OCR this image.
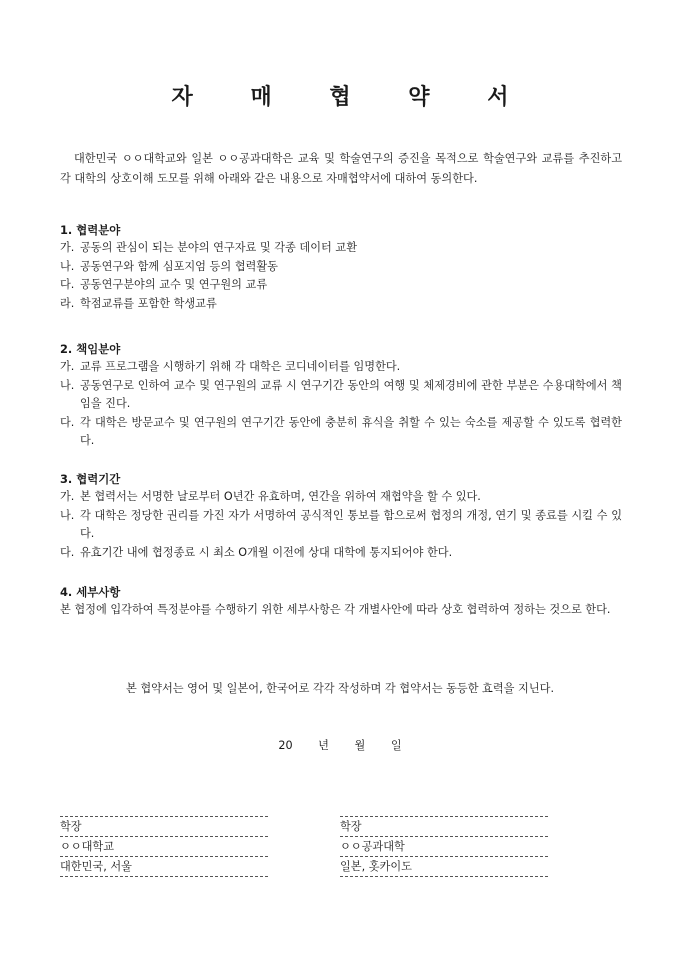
자 매 협 약 서
대한민국 ㅇㅇ대학교와 일본 ㅇㅇ공과대학은 교육 및 학술연구의 증진을 목적으로 학술연구와 교류를 추진하고 각 대학의 상호이해 도모를 위해 아래와 같은 내용으로 자매협약서에 대하여 동의한다.
1. 협력분야
가. 공동의 관심이 되는 분야의 연구자료 및 각종 데이터 교환
나. 공동연구와 함께 심포지엄 등의 협력활동
다. 공동연구분야의 교수 및 연구원의 교류
라. 학점교류를 포함한 학생교류
2. 책임분야
가. 교류 프로그램을 시행하기 위해 각 대학은 코디네이터를 임명한다.
나. 공동연구로 인하여 교수 및 연구원의 교류 시 연구기간 동안의 여행 및 체제경비에 관한 부분은 수용대학에서 책임을 진다.
다. 각 대학은 방문교수 및 연구원의 연구기간 동안에 충분히 휴식을 취할 수 있는 숙소를 제공할 수 있도록 협력한다.
3. 협력기간
가. 본 협력서는 서명한 날로부터 O년간 유효하며, 연간을 위하여 재협약을 할 수 있다.
나. 각 대학은 정당한 권리를 가진 자가 서명하여 공식적인 통보를 함으로써 협정의 개정, 연기 및 종료를 시킬 수 있다.
다. 유효기간 내에 협정종료 시 최소 O개월 이전에 상대 대학에 통지되어야 한다.
4. 세부사항
본 협정에 입각하여 특정분야를 수행하기 위한 세부사항은 각 개별사안에 따라 상호 협력하여 정하는 것으로 한다.
본 협약서는 영어 및 일본어, 한국어로 각각 작성하며 각 협약서는 동등한 효력을 지닌다.
20 년 월 일
학장
ㅇㅇ대학교
대한민국, 서울
학장
ㅇㅇ공과대학
일본, 홋카이도
